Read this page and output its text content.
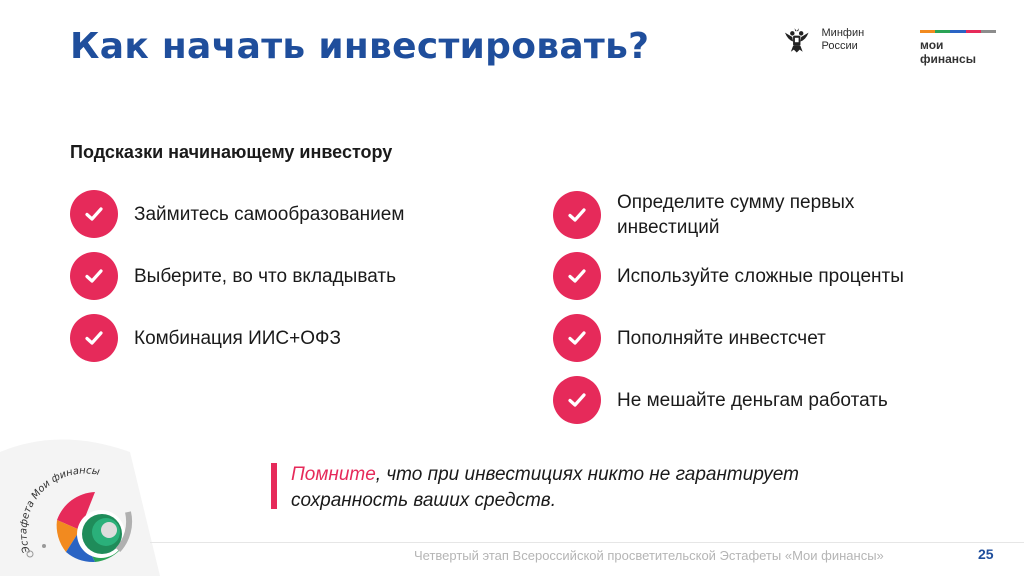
Как начать инвестировать?	Минфин России	мои финансы
Подсказки начинающему инвестору
Займитесь самообразованием
Выберите, во что вкладывать
Комбинация ИИС+ОФЗ
Определите сумму первых инвестиций
Используйте сложные проценты
Пополняйте инвестсчет
Не мешайте деньгам работать
Помните, что при инвестициях никто не гарантирует сохранность ваших средств.
Эстафета Мои финансы
Четвертый этап Всероссийской просветительской Эстафеты «Мои финансы»	25
